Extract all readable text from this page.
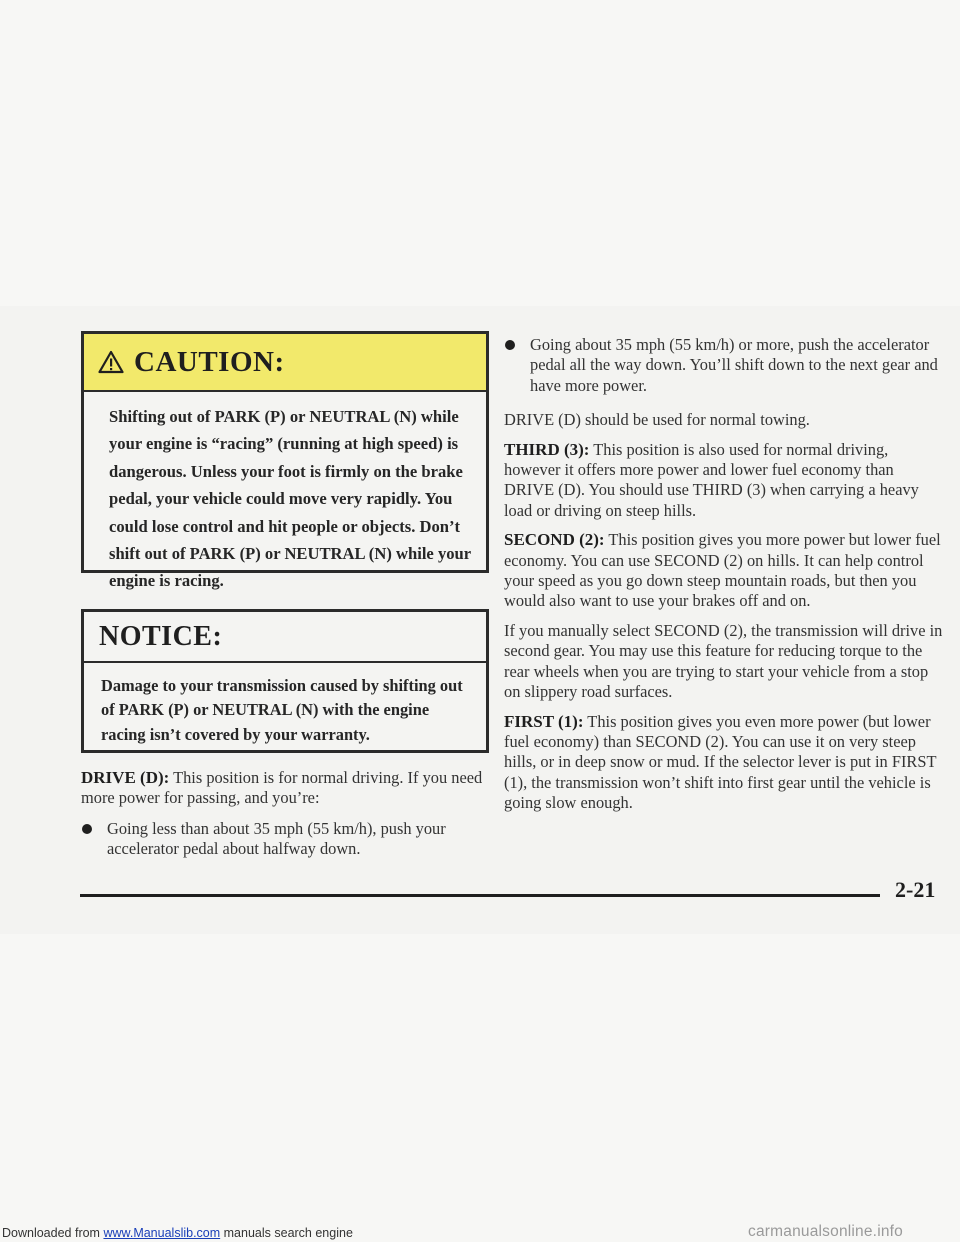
CAUTION:
Shifting out of PARK (P) or NEUTRAL (N) while your engine is “racing” (running at high speed) is dangerous. Unless your foot is firmly on the brake pedal, your vehicle could move very rapidly. You could lose control and hit people or objects. Don’t shift out of PARK (P) or NEUTRAL (N) while your engine is racing.
NOTICE:
Damage to your transmission caused by shifting out of PARK (P) or NEUTRAL (N) with the engine racing isn’t covered by your warranty.

DRIVE (D): This position is for normal driving. If you need more power for passing, and you’re:

Going less than about 35 mph (55 km/h), push your accelerator pedal about halfway down.

Going about 35 mph (55 km/h) or more, push the accelerator pedal all the way down. You’ll shift down to the next gear and have more power.

DRIVE (D) should be used for normal towing.

THIRD (3): This position is also used for normal driving, however it offers more power and lower fuel economy than DRIVE (D). You should use THIRD (3) when carrying a heavy load or driving on steep hills.

SECOND (2): This position gives you more power but lower fuel economy. You can use SECOND (2) on hills. It can help control your speed as you go down steep mountain roads, but then you would also want to use your brakes off and on.

If you manually select SECOND (2), the transmission will drive in second gear. You may use this feature for reducing torque to the rear wheels when you are trying to start your vehicle from a stop on slippery road surfaces.

FIRST (1): This position gives you even more power (but lower fuel economy) than SECOND (2). You can use it on very steep hills, or in deep snow or mud. If the selector lever is put in FIRST (1), the transmission won’t shift into first gear until the vehicle is going slow enough.

2-21
Downloaded from www.Manualslib.com manuals search engine	carmanualsonline.info
